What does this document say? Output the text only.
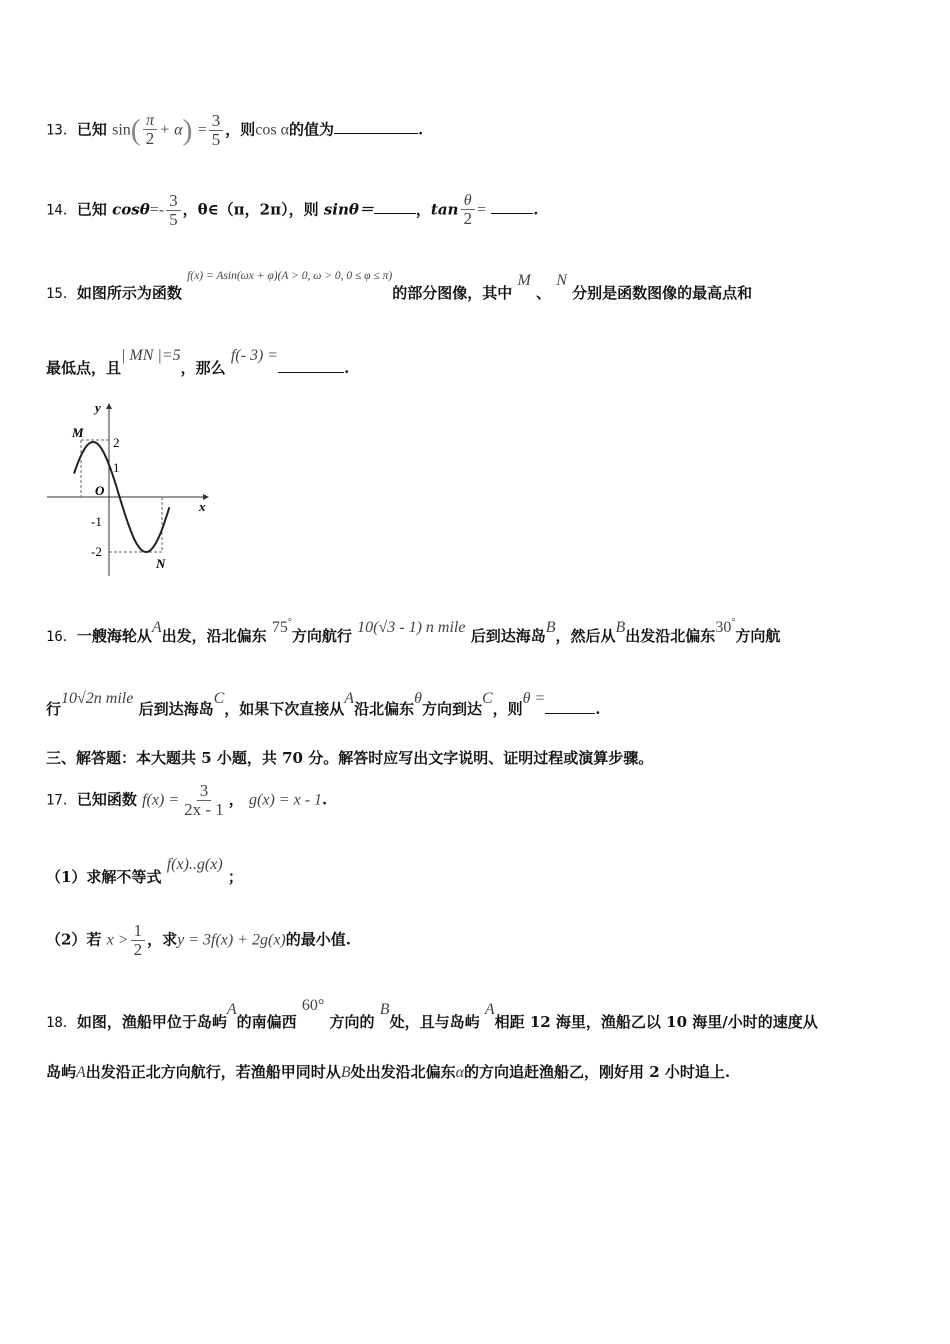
13．已知 $\sin( \frac{\pi}{2} + \alpha) = \frac{3}{5}$ ，则cos α的值为	.
14．已知 $\cos\theta=- \frac{3}{5}$ ，θ∈（π，2π），则 sinθ＝	，$\tan \frac{\theta}{2}$ =	.
15．如图所示为函数 $^{f(x) = Asin(\omega x + \varphi)(A > 0, \omega > 0, 0 \le \varphi \le \pi)}$的部分图像，其中 M 、 N 分别是函数图像的最高点和
最低点，且| MN |=5，那么 f(- 3) =.
y
x
O
M
N
2
1
-1
-2
16．一艘海轮从A出发，沿北偏东 75°方向航行 10(√3 - 1) n mile 后到达海岛B，然后从B出发沿北偏东30°方向航
行10√2n mile 后到达海岛C，如果下次直接从A沿北偏东θ方向到达C，则θ =.
三、解答题：本大题共 5 小题，共 70 分。解答时应写出文字说明、证明过程或演算步骤。
17．已知函数 $f(x) = \frac{3}{2x - 1}$ ， g(x) = x - 1.
（1）求解不等式 f(x)..g(x) ；
（2）若 $x > \frac{1}{2}$ ，求y = 3f(x) + 2g(x)的最小值.
18．如图，渔船甲位于岛屿A的南偏西 60° 方向的 B处，且与岛屿 A相距 12 海里，渔船乙以 10 海里/小时的速度从
岛屿A出发沿正北方向航行，若渔船甲同时从B处出发沿北偏东α的方向追赶渔船乙，刚好用 2 小时追上.
